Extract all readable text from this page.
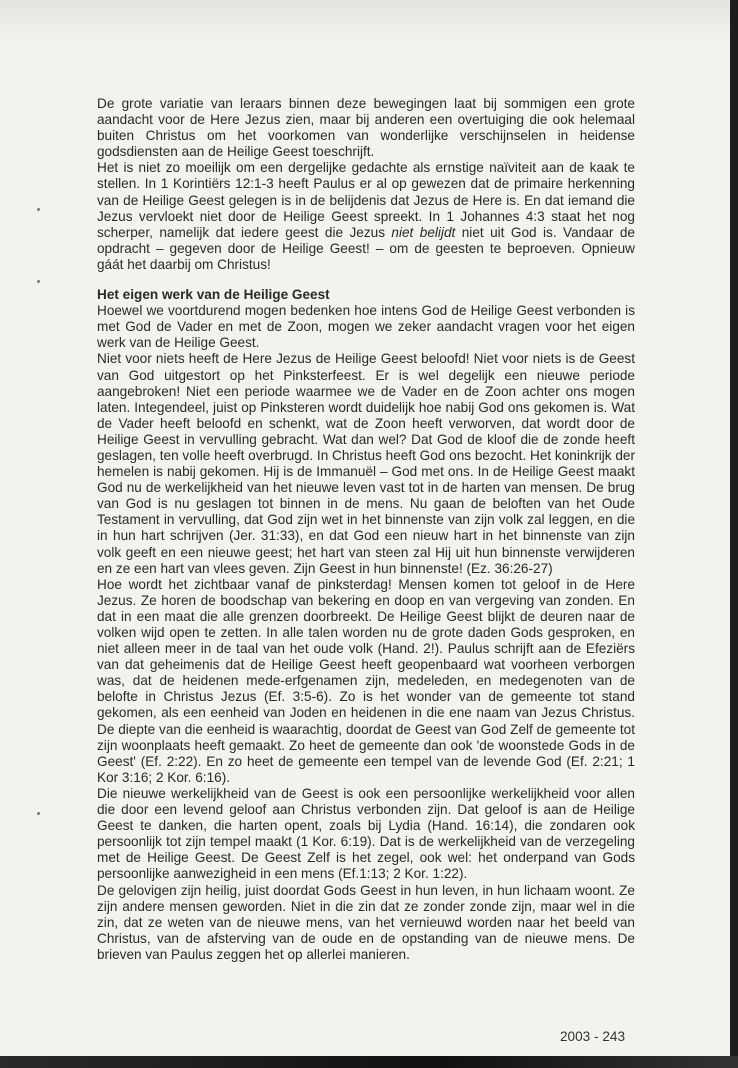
De grote variatie van leraars binnen deze bewegingen laat bij sommigen een grote aandacht voor de Here Jezus zien, maar bij anderen een overtuiging die ook helemaal buiten Christus om het voorkomen van wonderlijke verschijnselen in heidense godsdiensten aan de Heilige Geest toeschrijft.

Het is niet zo moeilijk om een dergelijke gedachte als ernstige naïviteit aan de kaak te stellen. In 1 Korintiërs 12:1-3 heeft Paulus er al op gewezen dat de primaire herkenning van de Heilige Geest gelegen is in de belijdenis dat Jezus de Here is. En dat iemand die Jezus vervloekt niet door de Heilige Geest spreekt. In 1 Johannes 4:3 staat het nog scherper, namelijk dat iedere geest die Jezus niet belijdt niet uit God is. Vandaar de opdracht – gegeven door de Heilige Geest! – om de geesten te beproeven. Opnieuw gáát het daarbij om Christus!

Het eigen werk van de Heilige Geest

Hoewel we voortdurend mogen bedenken hoe intens God de Heilige Geest verbonden is met God de Vader en met de Zoon, mogen we zeker aandacht vragen voor het eigen werk van de Heilige Geest.

Niet voor niets heeft de Here Jezus de Heilige Geest beloofd! Niet voor niets is de Geest van God uitgestort op het Pinksterfeest. Er is wel degelijk een nieuwe periode aangebroken! Niet een periode waarmee we de Vader en de Zoon achter ons mogen laten. Integendeel, juist op Pinksteren wordt duidelijk hoe nabij God ons gekomen is. Wat de Vader heeft beloofd en schenkt, wat de Zoon heeft verworven, dat wordt door de Heilige Geest in vervulling gebracht. Wat dan wel? Dat God de kloof die de zonde heeft geslagen, ten volle heeft overbrugd. In Christus heeft God ons bezocht. Het koninkrijk der hemelen is nabij gekomen. Hij is de Immanuël – God met ons. In de Heilige Geest maakt God nu de werkelijkheid van het nieuwe leven vast tot in de harten van mensen. De brug van God is nu geslagen tot binnen in de mens. Nu gaan de beloften van het Oude Testament in vervulling, dat God zijn wet in het binnenste van zijn volk zal leggen, en die in hun hart schrijven (Jer. 31:33), en dat God een nieuw hart in het binnenste van zijn volk geeft en een nieuwe geest; het hart van steen zal Hij uit hun binnenste verwijderen en ze een hart van vlees geven. Zijn Geest in hun binnenste! (Ez. 36:26-27)

Hoe wordt het zichtbaar vanaf de pinksterdag! Mensen komen tot geloof in de Here Jezus. Ze horen de boodschap van bekering en doop en van vergeving van zonden. En dat in een maat die alle grenzen doorbreekt. De Heilige Geest blijkt de deuren naar de volken wijd open te zetten. In alle talen worden nu de grote daden Gods gesproken, en niet alleen meer in de taal van het oude volk (Hand. 2!). Paulus schrijft aan de Efeziërs van dat geheimenis dat de Heilige Geest heeft geopenbaard wat voorheen verborgen was, dat de heidenen mede-erfgenamen zijn, medeleden, en medegenoten van de belofte in Christus Jezus (Ef. 3:5-6). Zo is het wonder van de gemeente tot stand gekomen, als een eenheid van Joden en heidenen in die ene naam van Jezus Christus. De diepte van die eenheid is waarachtig, doordat de Geest van God Zelf de gemeente tot zijn woonplaats heeft gemaakt. Zo heet de gemeente dan ook 'de woonstede Gods in de Geest' (Ef. 2:22). En zo heet de gemeente een tempel van de levende God (Ef. 2:21; 1 Kor 3:16; 2 Kor. 6:16).

Die nieuwe werkelijkheid van de Geest is ook een persoonlijke werkelijkheid voor allen die door een levend geloof aan Christus verbonden zijn. Dat geloof is aan de Heilige Geest te danken, die harten opent, zoals bij Lydia (Hand. 16:14), die zondaren ook persoonlijk tot zijn tempel maakt (1 Kor. 6:19). Dat is de werkelijkheid van de verzegeling met de Heilige Geest. De Geest Zelf is het zegel, ook wel: het onderpand van Gods persoonlijke aanwezigheid in een mens (Ef.1:13; 2 Kor. 1:22).

De gelovigen zijn heilig, juist doordat Gods Geest in hun leven, in hun lichaam woont. Ze zijn andere mensen geworden. Niet in die zin dat ze zonder zonde zijn, maar wel in die zin, dat ze weten van de nieuwe mens, van het vernieuwd worden naar het beeld van Christus, van de afsterving van de oude en de opstanding van de nieuwe mens. De brieven van Paulus zeggen het op allerlei manieren.

2003 - 243
